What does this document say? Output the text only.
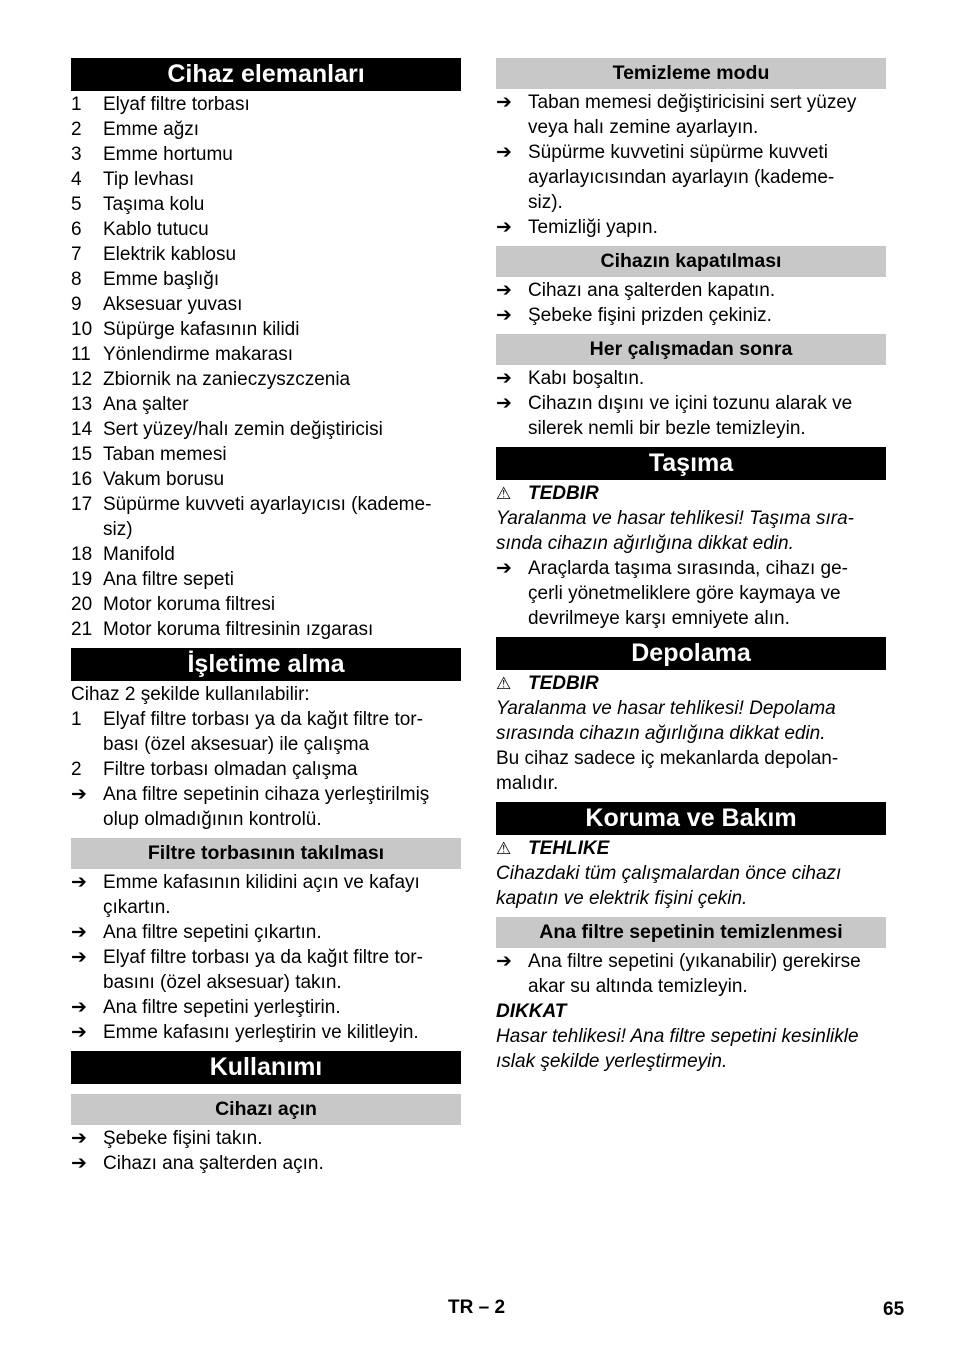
Cihaz elemanları
1	Elyaf filtre torbası
2	Emme ağzı
3	Emme hortumu
4	Tip levhası
5	Taşıma kolu
6	Kablo tutucu
7	Elektrik kablosu
8	Emme başlığı
9	Aksesuar yuvası
10 Süpürge kafasının kilidi
11 Yönlendirme makarası
12 Zbiornik na zanieczyszczenia
13 Ana şalter
14 Sert yüzey/halı zemin değiştiricisi
15 Taban memesi
16 Vakum borusu
17 Süpürme kuvveti ayarlayıcısı (kademe-
siz)
18 Manifold
19 Ana filtre sepeti
20 Motor koruma filtresi
21 Motor koruma filtresinin ızgarası
İşletime alma
Cihaz 2 şekilde kullanılabilir:
1	Elyaf filtre torbası ya da kağıt filtre tor-
bası (özel aksesuar) ile çalışma
2	Filtre torbası olmadan çalışma
➔ Ana filtre sepetinin cihaza yerleştirilmiş
olup olmadığının kontrolü.
Filtre torbasının takılması
➔ Emme kafasının kilidini açın ve kafayı
çıkartın.
➔ Ana filtre sepetini çıkartın.
➔ Elyaf filtre torbası ya da kağıt filtre tor-
basını (özel aksesuar) takın.
➔ Ana filtre sepetini yerleştirin.
➔ Emme kafasını yerleştirin ve kilitleyin.
Kullanımı
Cihazı açın
➔ Şebeke fişini takın.
➔ Cihazı ana şalterden açın.
Temizleme modu
➔ Taban memesi değiştiricisini sert yüzey
veya halı zemine ayarlayın.
➔ Süpürme kuvvetini süpürme kuvveti
ayarlayıcısından ayarlayın (kademe-
siz).
➔ Temizliği yapın.
Cihazın kapatılması
➔ Cihazı ana şalterden kapatın.
➔ Şebeke fişini prizden çekiniz.
Her çalışmadan sonra
➔ Kabı boşaltın.
➔ Cihazın dışını ve içini tozunu alarak ve
silerek nemli bir bezle temizleyin.
Taşıma
⚠ TEDBIR
Yaralanma ve hasar tehlikesi! Taşıma sıra-
sında cihazın ağırlığına dikkat edin.
➔ Araçlarda taşıma sırasında, cihazı ge-
çerli yönetmeliklere göre kaymaya ve
devrilmeye karşı emniyete alın.
Depolama
⚠ TEDBIR
Yaralanma ve hasar tehlikesi! Depolama
sırasında cihazın ağırlığına dikkat edin.
Bu cihaz sadece iç mekanlarda depolan-
malıdır.
Koruma ve Bakım
⚠ TEHLIKE
Cihazdaki tüm çalışmalardan önce cihazı
kapatın ve elektrik fişini çekin.
Ana filtre sepetinin temizlenmesi
➔ Ana filtre sepetini (yıkanabilir) gerekirse
akar su altında temizleyin.
DIKKAT
Hasar tehlikesi! Ana filtre sepetini kesinlikle
ıslak şekilde yerleştirmeyin.
TR – 2	65
